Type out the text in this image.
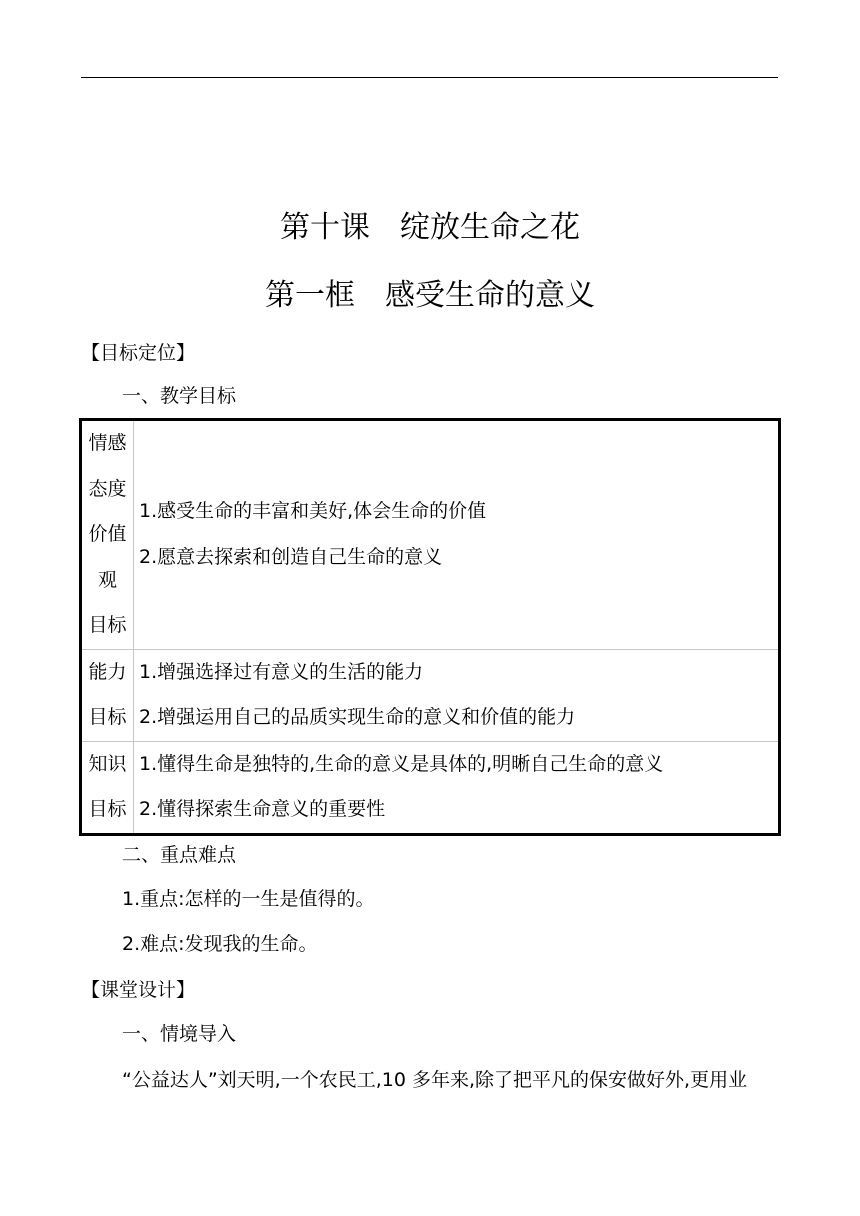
第十课　绽放生命之花
第一框　感受生命的意义
【目标定位】
一、教学目标
情感
态度
价值
观
目标	1.感受生命的丰富和美好,体会生命的价值
2.愿意去探索和创造自己生命的意义

能力
目标	1.增强选择过有意义的生活的能力
2.增强运用自己的品质实现生命的意义和价值的能力

知识
目标	1.懂得生命是独特的,生命的意义是具体的,明晰自己生命的意义
2.懂得探索生命意义的重要性
二、重点难点
1.重点:怎样的一生是值得的。
2.难点:发现我的生命。
【课堂设计】
一、情境导入
“公益达人”刘天明,一个农民工,10 多年来,除了把平凡的保安做好外,更用业
